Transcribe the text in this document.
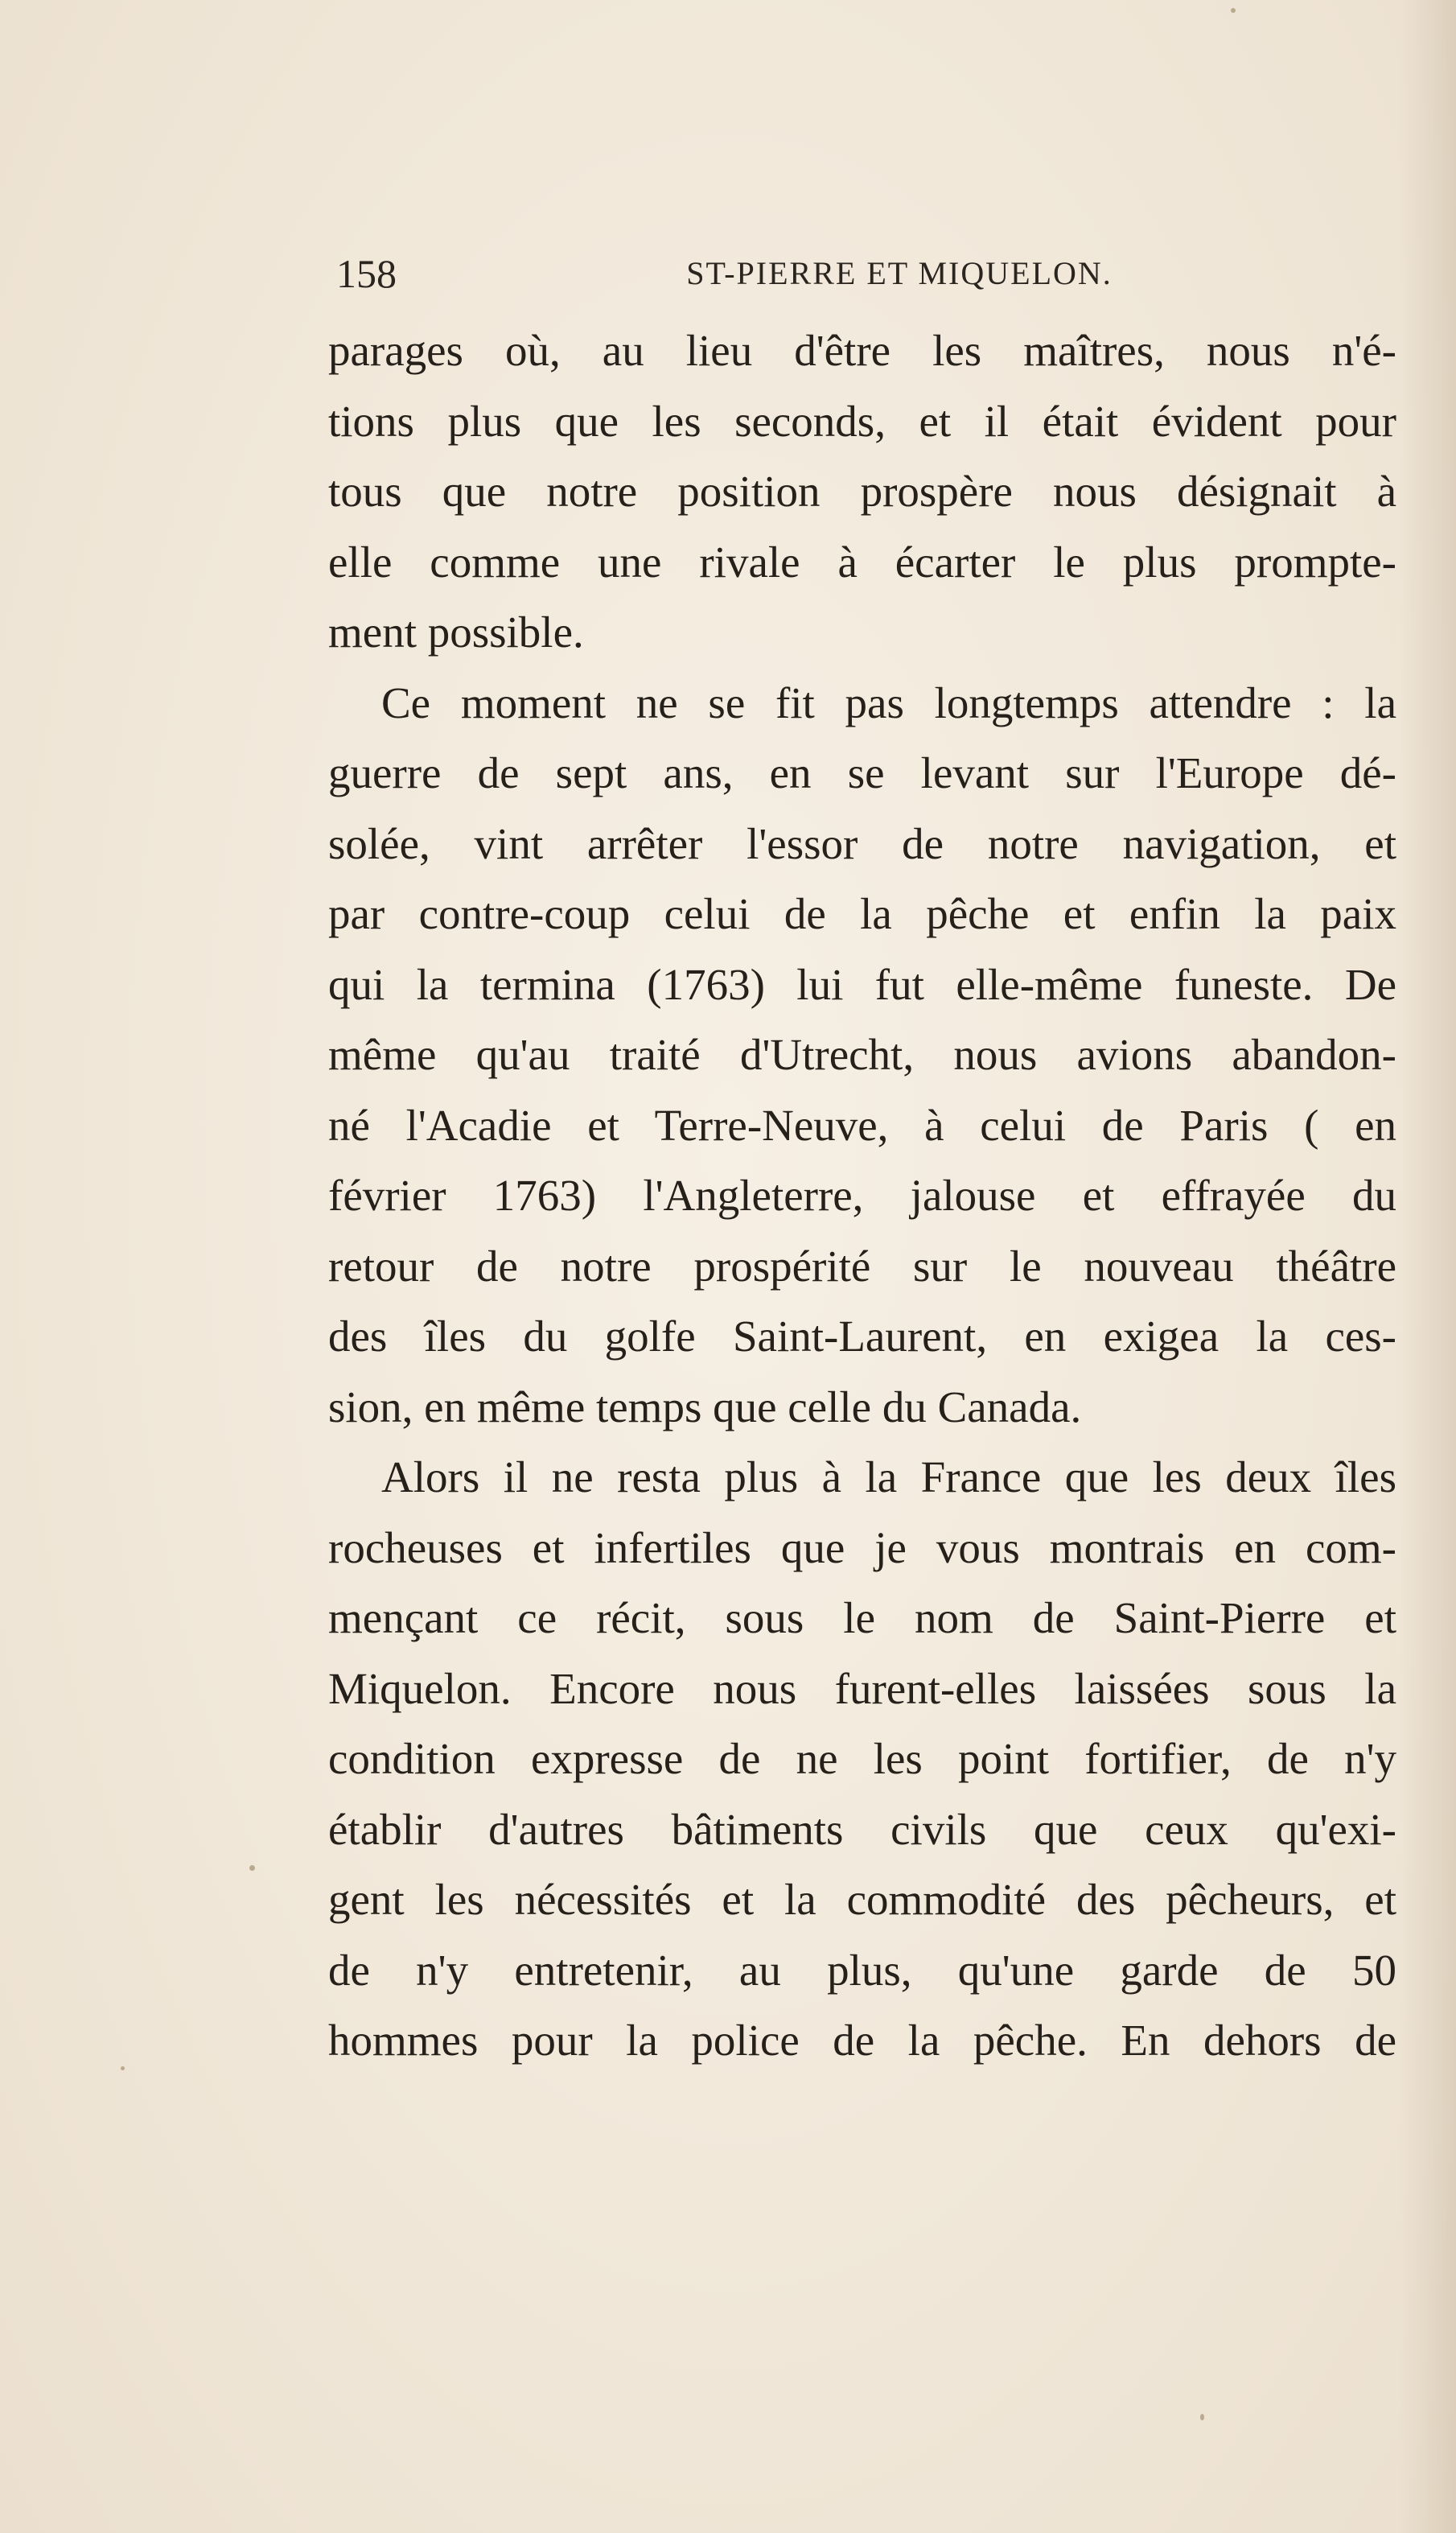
158	ST-PIERRE ET MIQUELON.
parages où, au lieu d'être les maîtres, nous n'é-
tions plus que les seconds, et il était évident pour
tous que notre position prospère nous désignait à
elle comme une rivale à écarter le plus prompte-
ment possible.
Ce moment ne se fit pas longtemps attendre : la
guerre de sept ans, en se levant sur l'Europe dé-
solée, vint arrêter l'essor de notre navigation, et
par contre-coup celui de la pêche et enfin la paix
qui la termina (1763) lui fut elle-même funeste. De
même qu'au traité d'Utrecht, nous avions abandon-
né l'Acadie et Terre-Neuve, à celui de Paris ( en
février 1763) l'Angleterre, jalouse et effrayée du
retour de notre prospérité sur le nouveau théâtre
des îles du golfe Saint-Laurent, en exigea la ces-
sion, en même temps que celle du Canada.
Alors il ne resta plus à la France que les deux îles
rocheuses et infertiles que je vous montrais en com-
mençant ce récit, sous le nom de Saint-Pierre et
Miquelon. Encore nous furent-elles laissées sous la
condition expresse de ne les point fortifier, de n'y
établir d'autres bâtiments civils que ceux qu'exi-
gent les nécessités et la commodité des pêcheurs, et
de n'y entretenir, au plus, qu'une garde de 50
hommes pour la police de la pêche. En dehors de
